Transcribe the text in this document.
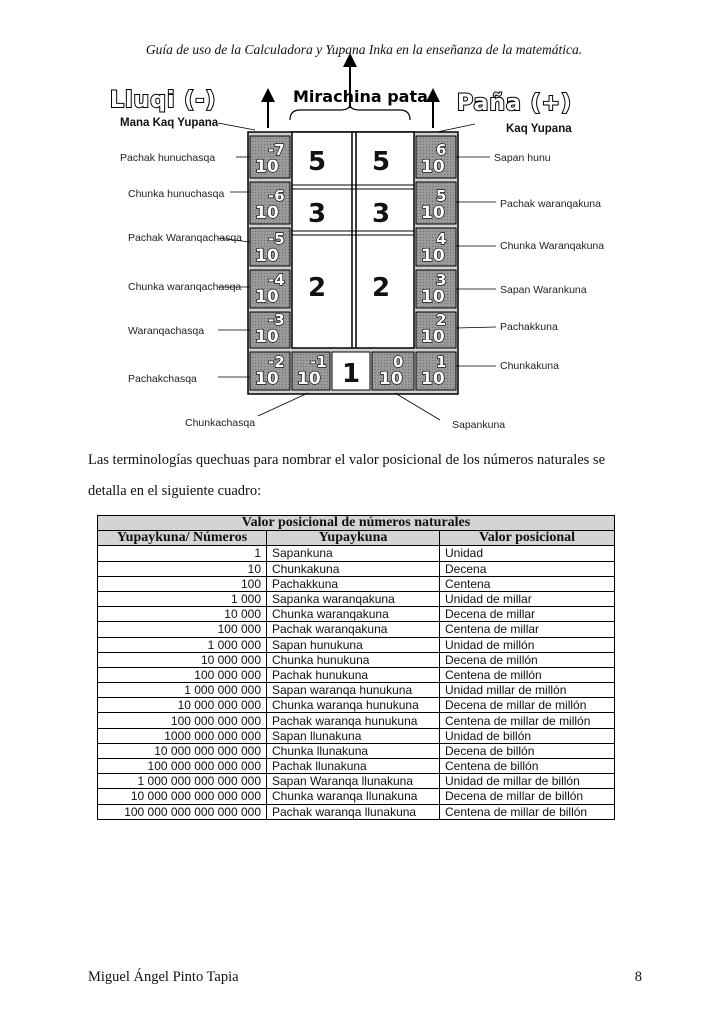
Guía de uso de la Calculadora y Yupana Inka en la enseñanza de la matemática.
Lluqi (-)	Mirachina pata Paña (+)
Mana Kaq Yupana	Kaq Yupana
5 5
3 3
2 2
10
-7
10
-6
10
-5
10
-4
10
-3
10
-2
10
6
10
5
10
4
10
3
10
2
10
1
10
-1 1 10
0
Pachak hunuchasqa
Chunka hunuchasqa
Pachak Waranqachasqa
Chunka waranqachasqa
Waranqachasqa
Pachakchasqa
Sapan hunu
Pachak waranqakuna
Chunka Waranqakuna
Sapan Warankuna
Pachakkuna
Chunkakuna
Chunkachasqa	Sapankuna
Las terminologías quechuas para nombrar el valor posicional de los números naturales se
detalla en el siguiente cuadro:
Valor posicional de números naturales		
Yupaykuna/ Números	Yupaykuna	Valor posicional
1	Sapankuna	Unidad
10	Chunkakuna	Decena
100	Pachakkuna	Centena
1 000	Sapanka waranqakuna	Unidad de millar
10 000	Chunka waranqakuna	Decena de millar
100 000	Pachak waranqakuna	Centena de millar
1 000 000	Sapan hunukuna	Unidad de millón
10 000 000	Chunka hunukuna	Decena de millón
100 000 000	Pachak hunukuna	Centena de millón
1 000 000 000	Sapan waranqa hunukuna	Unidad millar de millón
10 000 000 000	Chunka waranqa hunukuna	Decena de millar de millón
100 000 000 000	Pachak waranqa hunukuna	Centena de millar de millón
1000 000 000 000	Sapan llunakuna	Unidad de billón
10 000 000 000 000	Chunka llunakuna	Decena de billón
100 000 000 000 000	Pachak llunakuna	Centena de billón
1 000 000 000 000 000	Sapan Waranqa llunakuna	Unidad de millar de billón
10 000 000 000 000 000	Chunka waranqa llunakuna	Decena de millar de billón
100 000 000 000 000 000	Pachak waranqa llunakuna	Centena de millar de billón
Miguel Ángel Pinto Tapia	8
